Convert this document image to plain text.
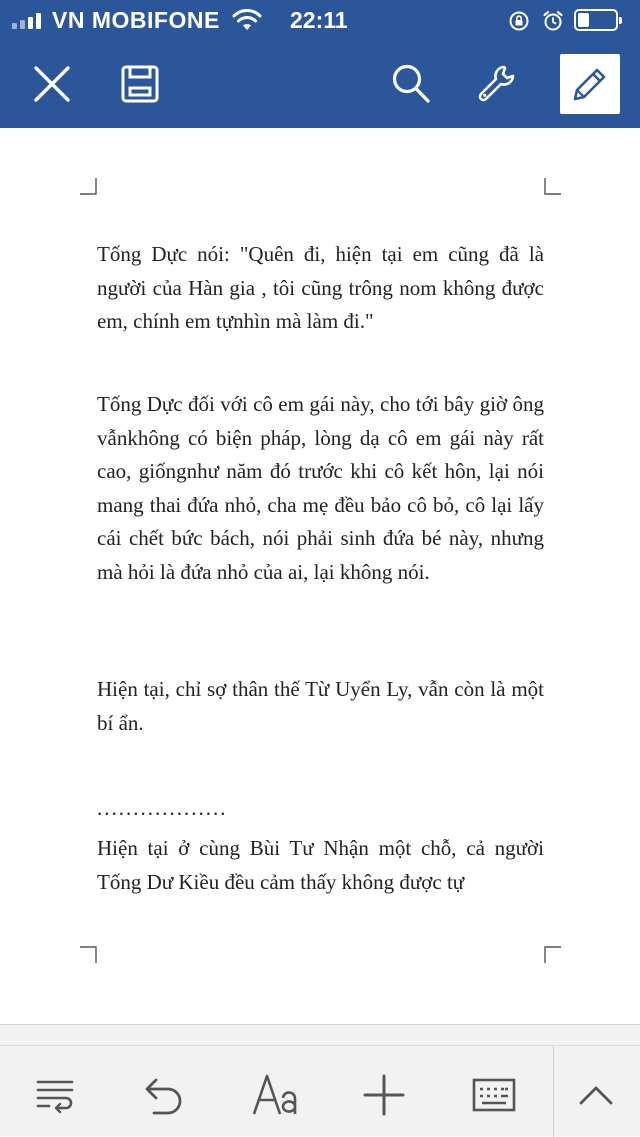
VN MOBIFONE	22:11

Tống Dực nói: "Quên đi, hiện tại em cũng đã là người của Hàn gia , tôi cũng trông nom không được em, chính em tựnhìn mà làm đi."

Tống Dực đối với cô em gái này, cho tới bây giờ ông vẫnkhông có biện pháp, lòng dạ cô em gái này rất cao, giốngnhư năm đó trước khi cô kết hôn, lại nói mang thai đứa nhỏ, cha mẹ đều bảo cô bỏ, cô lại lấy cái chết bức bách, nói phải sinh đứa bé này, nhưng mà hỏi là đứa nhỏ của ai, lại không nói.

Hiện tại, chỉ sợ thân thế Từ Uyển Ly, vẫn còn là một bí ẩn.

..................

Hiện tại ở cùng Bùi Tư Nhận một chỗ, cả người Tống Dư Kiều đều cảm thấy không được tự
